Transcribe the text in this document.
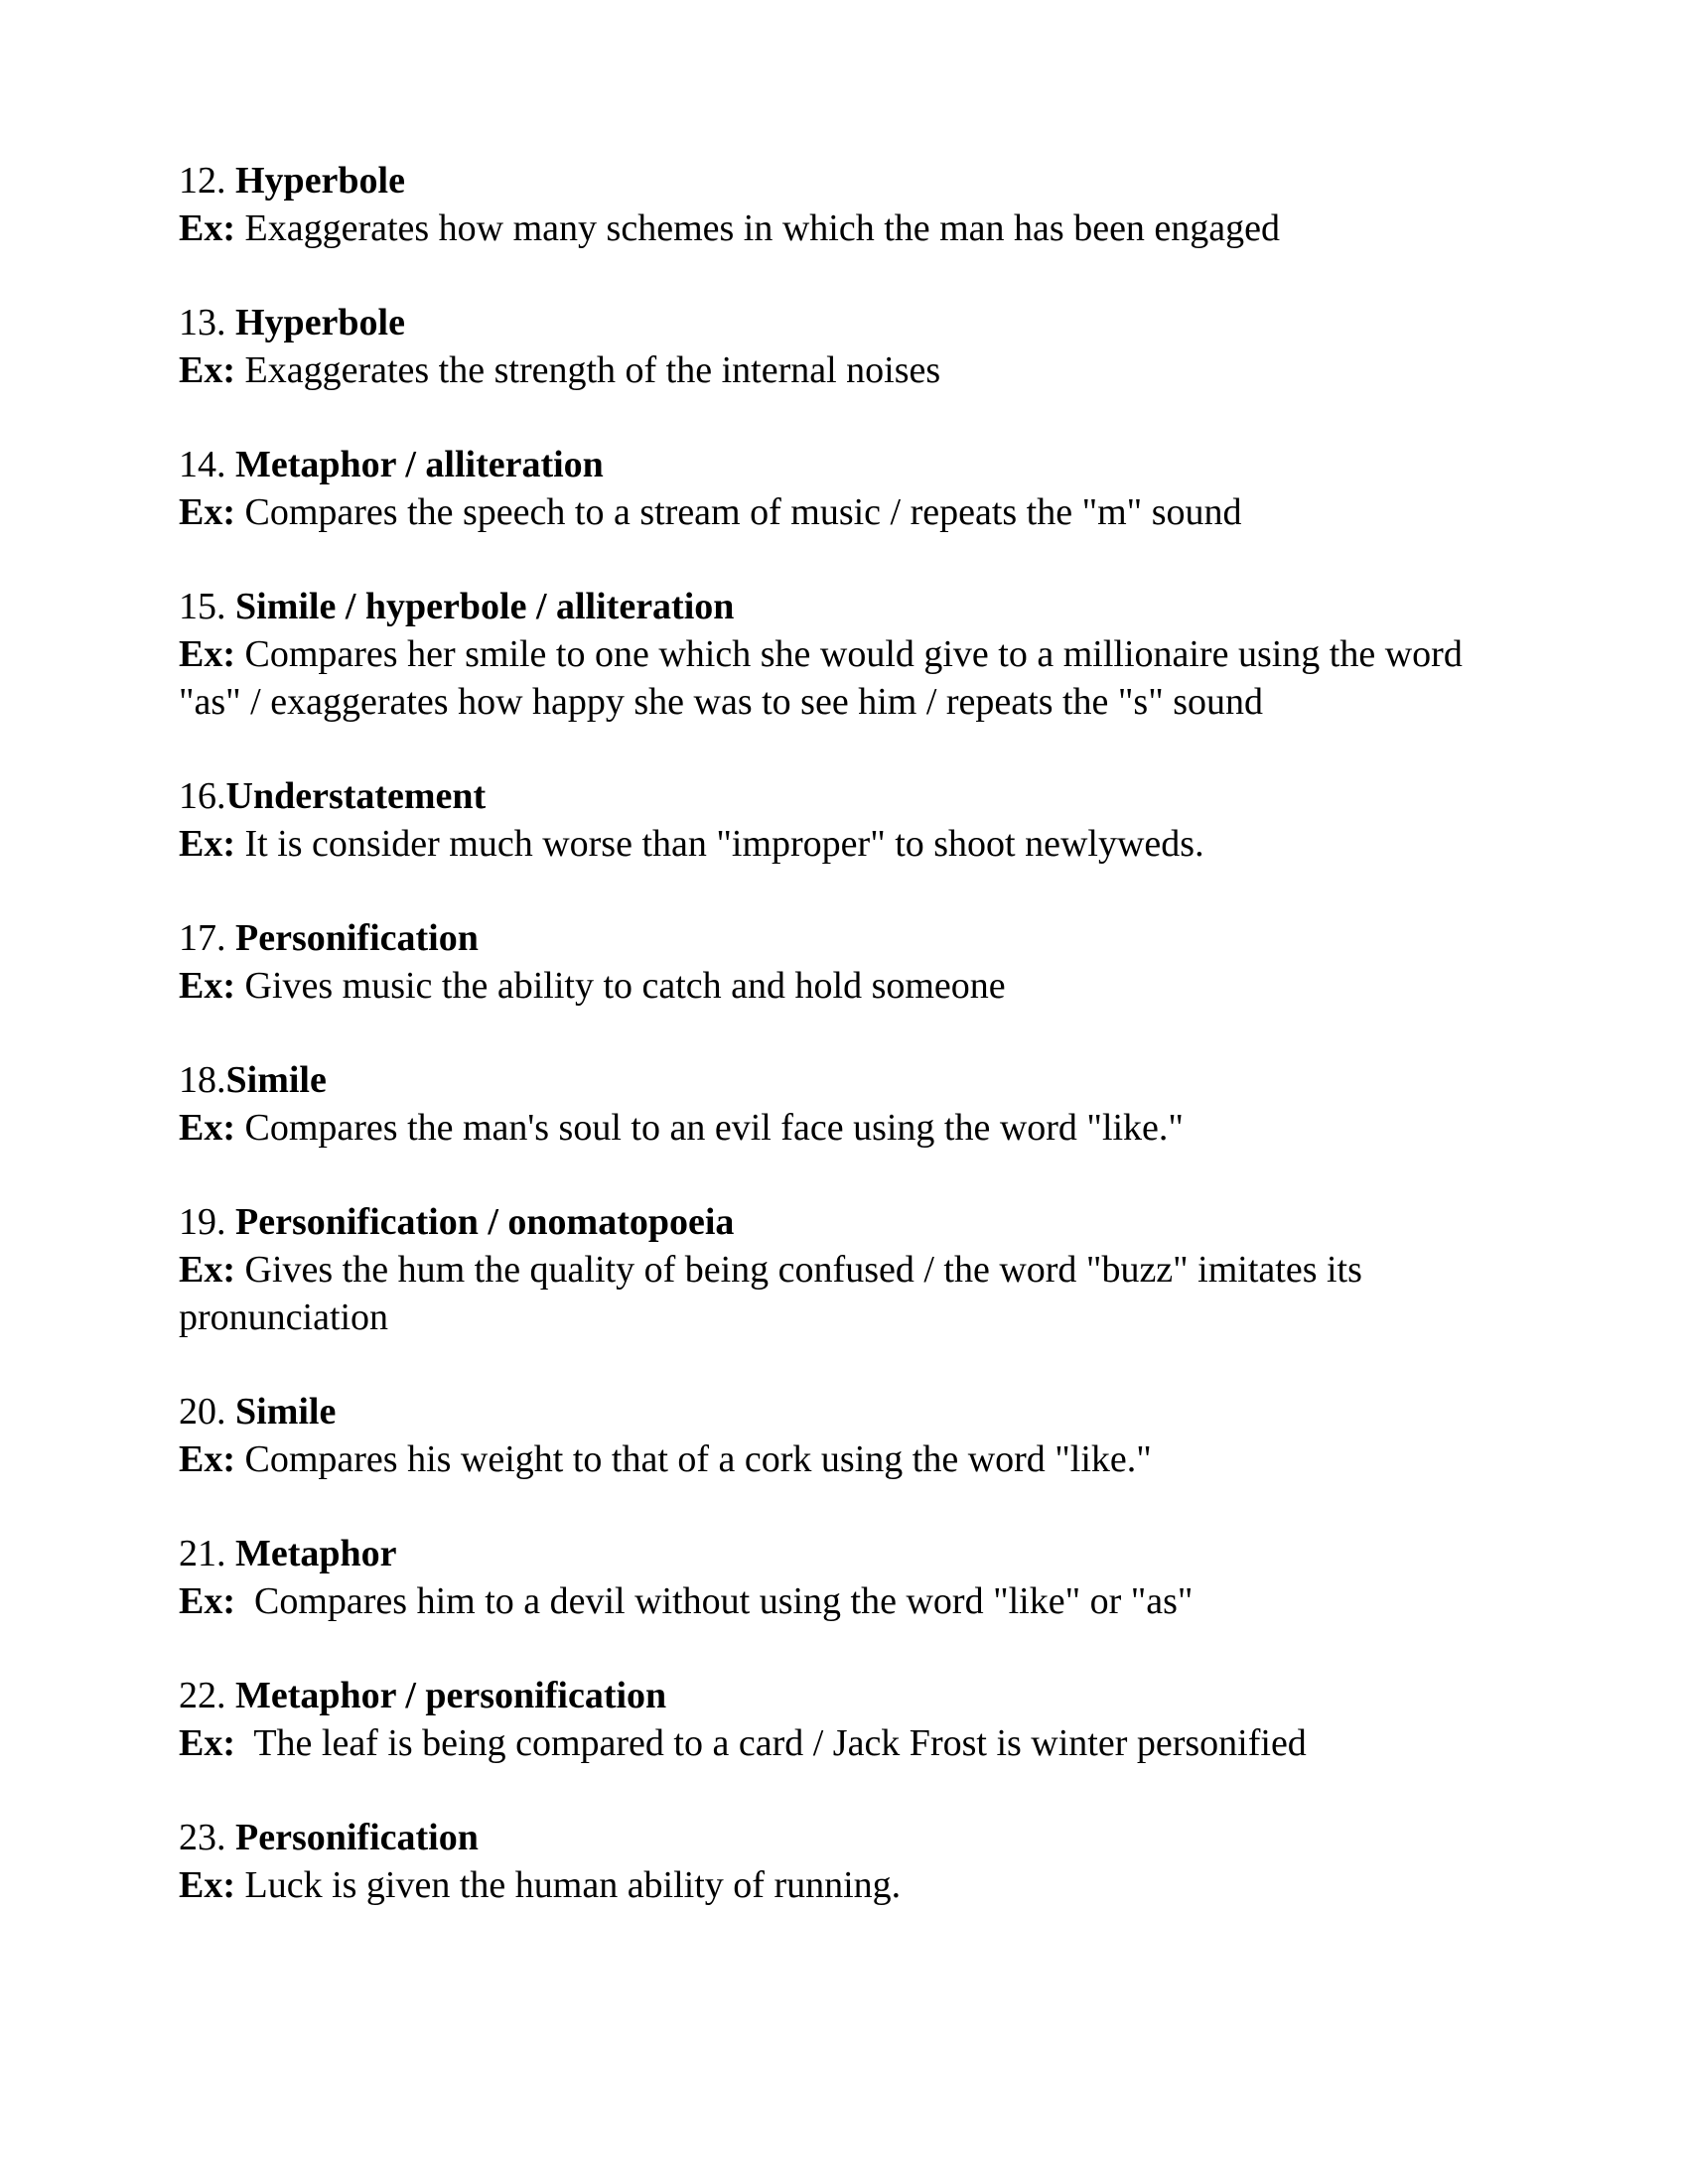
12. Hyperbole

Ex: Exaggerates how many schemes in which the man has been engaged

13. Hyperbole

Ex: Exaggerates the strength of the internal noises

14. Metaphor / alliteration

Ex: Compares the speech to a stream of music / repeats the "m" sound

15. Simile / hyperbole / alliteration

Ex: Compares her smile to one which she would give to a millionaire using the word "as" / exaggerates how happy she was to see him / repeats the "s" sound

16.Understatement

Ex: It is consider much worse than "improper" to shoot newlyweds.

17. Personification

Ex: Gives music the ability to catch and hold someone

18.Simile

Ex: Compares the man's soul to an evil face using the word "like."

19. Personification / onomatopoeia

Ex: Gives the hum the quality of being confused / the word "buzz" imitates its pronunciation

20. Simile

Ex: Compares his weight to that of a cork using the word "like."

21. Metaphor

Ex:  Compares him to a devil without using the word "like" or "as"

22. Metaphor / personification

Ex:  The leaf is being compared to a card / Jack Frost is winter personified

23. Personification

Ex: Luck is given the human ability of running.
